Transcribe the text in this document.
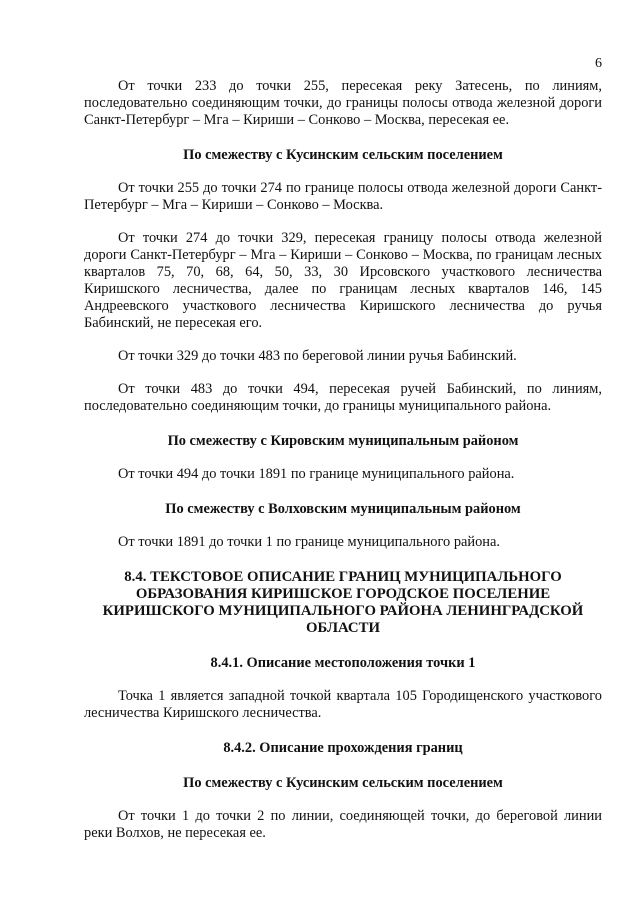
6

От точки 233 до точки 255, пересекая реку Затесень, по линиям, последовательно соединяющим точки, до границы полосы отвода железной дороги Санкт-Петербург – Мга – Кириши – Сонково – Москва, пересекая ее.

По смежеству с Кусинским сельским поселением

От точки 255 до точки 274 по границе полосы отвода железной дороги Санкт-Петербург – Мга – Кириши – Сонково – Москва.

От точки 274 до точки 329, пересекая границу полосы отвода железной дороги Санкт-Петербург – Мга – Кириши – Сонково – Москва, по границам лесных кварталов 75, 70, 68, 64, 50, 33, 30 Ирсовского участкового лесничества Киришского лесничества, далее по границам лесных кварталов 146, 145 Андреевского участкового лесничества Киришского лесничества до ручья Бабинский, не пересекая его.

От точки 329 до точки 483 по береговой линии ручья Бабинский.

От точки 483 до точки 494, пересекая ручей Бабинский, по линиям, последовательно соединяющим точки, до границы муниципального района.

По смежеству с Кировским муниципальным районом

От точки 494 до точки 1891 по границе муниципального района.

По смежеству с Волховским муниципальным районом

От точки 1891 до точки 1 по границе муниципального района.

8.4. ТЕКСТОВОЕ ОПИСАНИЕ ГРАНИЦ МУНИЦИПАЛЬНОГО ОБРАЗОВАНИЯ КИРИШСКОЕ ГОРОДСКОЕ ПОСЕЛЕНИЕ КИРИШСКОГО МУНИЦИПАЛЬНОГО РАЙОНА ЛЕНИНГРАДСКОЙ ОБЛАСТИ

8.4.1. Описание местоположения точки 1

Точка 1 является западной точкой квартала 105 Городищенского участкового лесничества Киришского лесничества.

8.4.2. Описание прохождения границ

По смежеству с Кусинским сельским поселением

От точки 1 до точки 2 по линии, соединяющей точки, до береговой линии реки Волхов, не пересекая ее.
